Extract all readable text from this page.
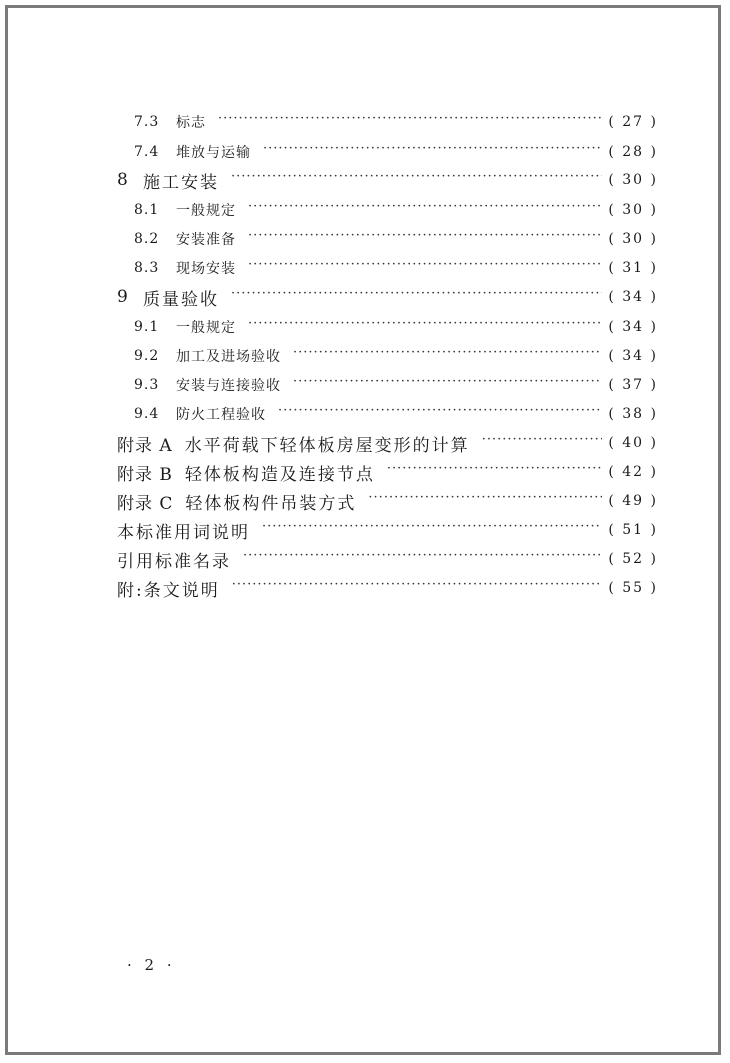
7.3	标志 ·····	( 27 )
7.4	堆放与运输 ·····	( 28 )
8 施工安装 ·····	( 30 )
8.1	一般规定 ·····	( 30 )
8.2	安装准备 ·····	( 30 )
8.3	现场安装 ·····	( 31 )
9 质量验收 ·····	( 34 )
9.1	一般规定 ·····	( 34 )
9.2	加工及进场验收 ·····	( 34 )
9.3	安装与连接验收 ·····	( 37 )
9.4	防火工程验收 ·····	( 38 )
附录 A 水平荷载下轻体板房屋变形的计算 ·····	( 40 )
附录 B 轻体板构造及连接节点 ·····	( 42 )
附录 C 轻体板构件吊装方式 ·····	( 49 )
本标准用词说明 ·····	( 51 )
引用标准名录 ·····	( 52 )
附:条文说明 ·····	( 55 )
· 2 ·
